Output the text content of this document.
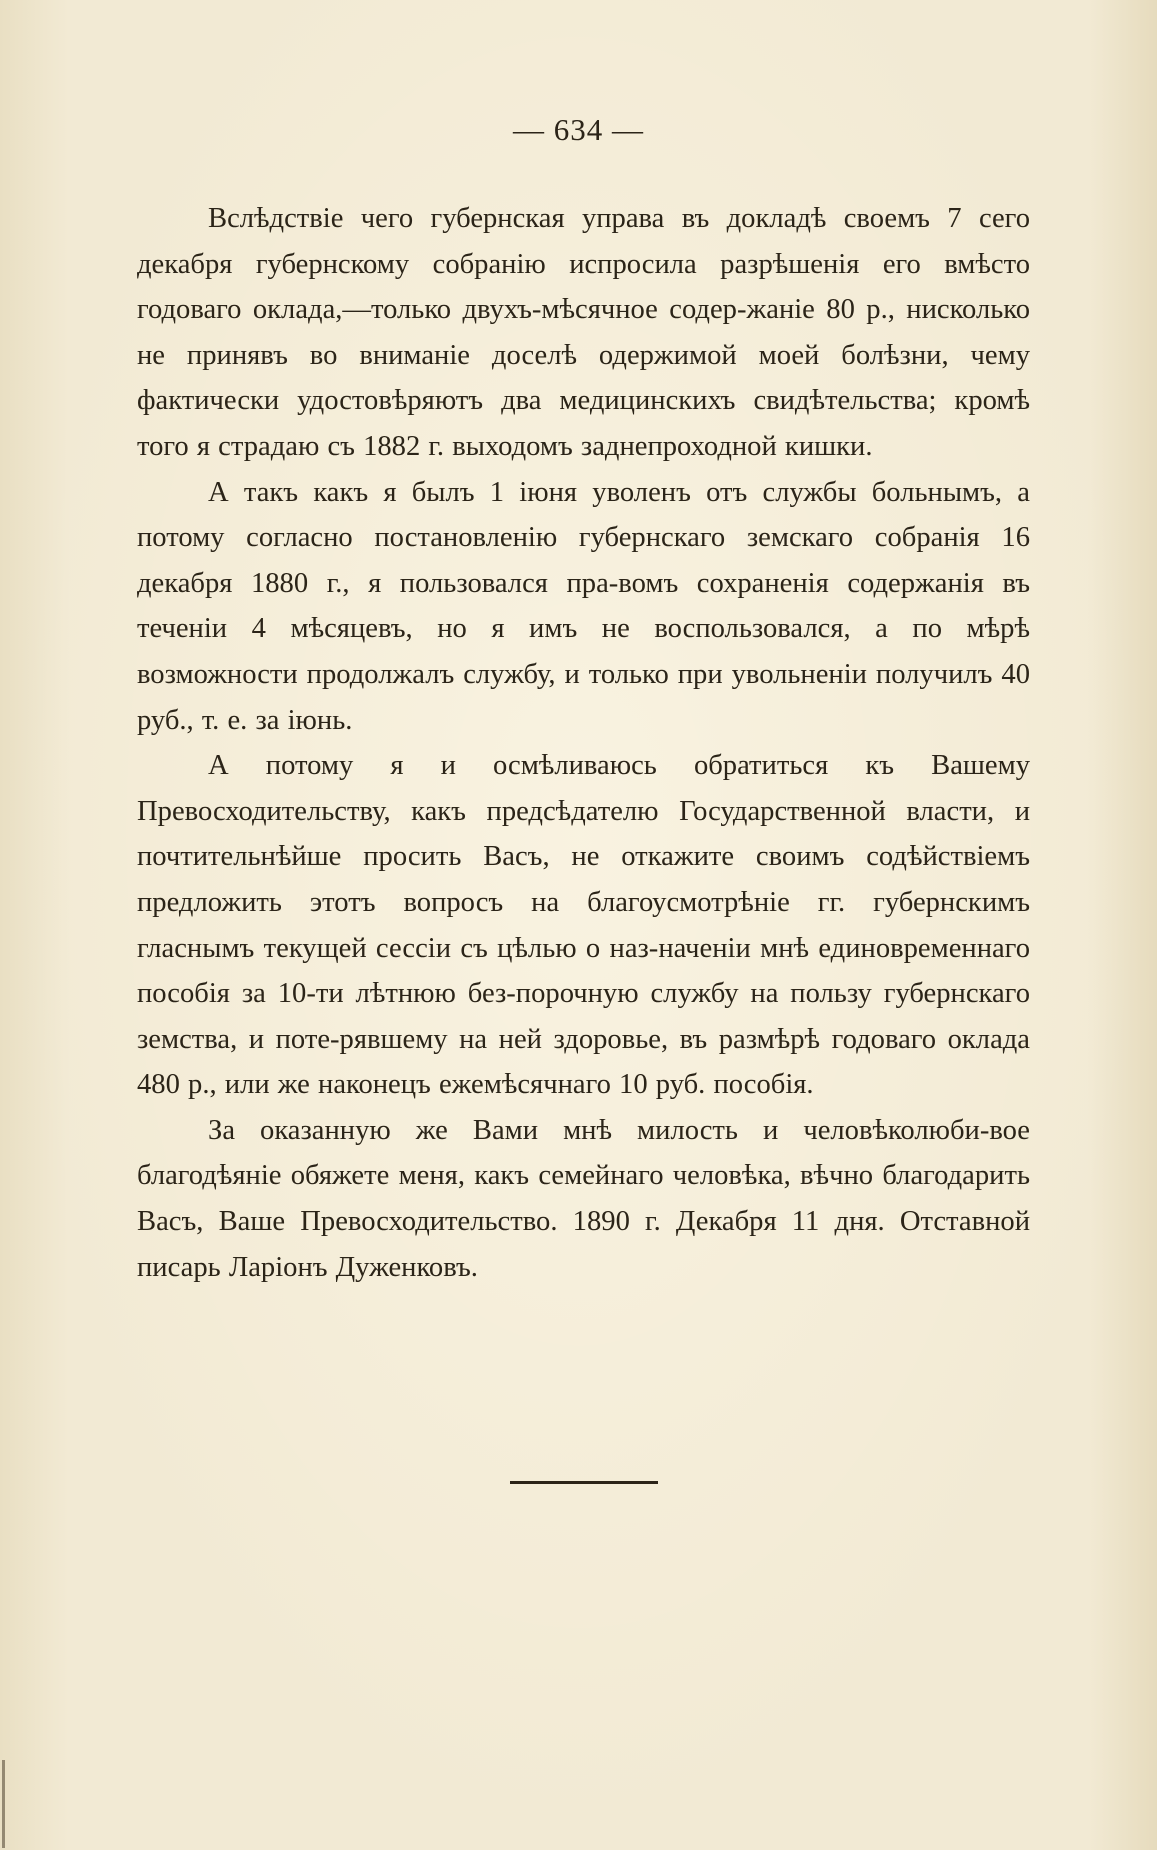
— 634 —

Вслѣдствіе чего губернская управа въ докладѣ своемъ 7 сего декабря губернскому собранію испросила разрѣшенія его вмѣсто годоваго оклада,—только двухъ-мѣсячное содер-жаніе 80 р., нисколько не принявъ во вниманіе доселѣ одержимой моей болѣзни, чему фактически удостовѣряютъ два медицинскихъ свидѣтельства; кромѣ того я страдаю съ 1882 г. выходомъ заднепроходной кишки.

А такъ какъ я былъ 1 іюня уволенъ отъ службы больнымъ, а потому согласно постановленію губернскаго земскаго собранія 16 декабря 1880 г., я пользовался пра-вомъ сохраненія содержанія въ теченіи 4 мѣсяцевъ, но я имъ не воспользовался, а по мѣрѣ возможности продолжалъ службу, и только при увольненіи получилъ 40 руб., т. е. за іюнь.

А потому я и осмѣливаюсь обратиться къ Вашему Превосходительству, какъ предсѣдателю Государственной власти, и почтительнѣйше просить Васъ, не откажите своимъ содѣйствіемъ предложить этотъ вопросъ на благоусмотрѣніе гг. губернскимъ гласнымъ текущей сессіи съ цѣлью о наз-наченіи мнѣ единовременнаго пособія за 10-ти лѣтнюю без-порочную службу на пользу губернскаго земства, и поте-рявшему на ней здоровье, въ размѣрѣ годоваго оклада 480 р., или же наконецъ ежемѣсячнаго 10 руб. пособія.

За оказанную же Вами мнѣ милость и человѣколюби-вое благодѣяніе обяжете меня, какъ семейнаго человѣка, вѣчно благодарить Васъ, Ваше Превосходительство. 1890 г. Декабря 11 дня. Отставной писарь Ларіонъ Дуженковъ.
